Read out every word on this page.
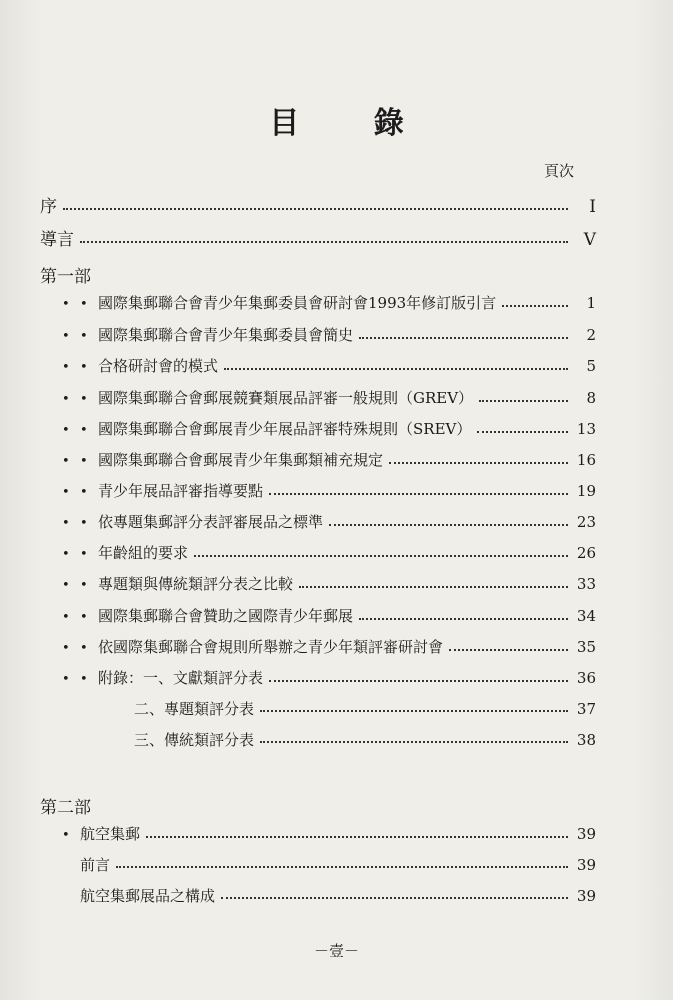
目 錄
頁次
序	I
導言	V
第一部
• • 國際集郵聯合會青少年集郵委員會研討會1993年修訂版引言	1
• • 國際集郵聯合會青少年集郵委員會簡史	2
• • 合格研討會的模式	5
• • 國際集郵聯合會郵展競賽類展品評審一般規則（GREV）	8
• • 國際集郵聯合會郵展青少年展品評審特殊規則（SREV）	13
• • 國際集郵聯合會郵展青少年集郵類補充規定	16
• • 青少年展品評審指導要點	19
• • 依專題集郵評分表評審展品之標準	23
• • 年齡組的要求	26
• • 專題類與傳統類評分表之比較	33
• • 國際集郵聯合會贊助之國際青少年郵展	34
• • 依國際集郵聯合會規則所舉辦之青少年類評審研討會	35
• • 附錄：一、文獻類評分表	36
二、專題類評分表	37
三、傳統類評分表	38
第二部
• 航空集郵	39
前言	39
航空集郵展品之構成	39
－壹－
